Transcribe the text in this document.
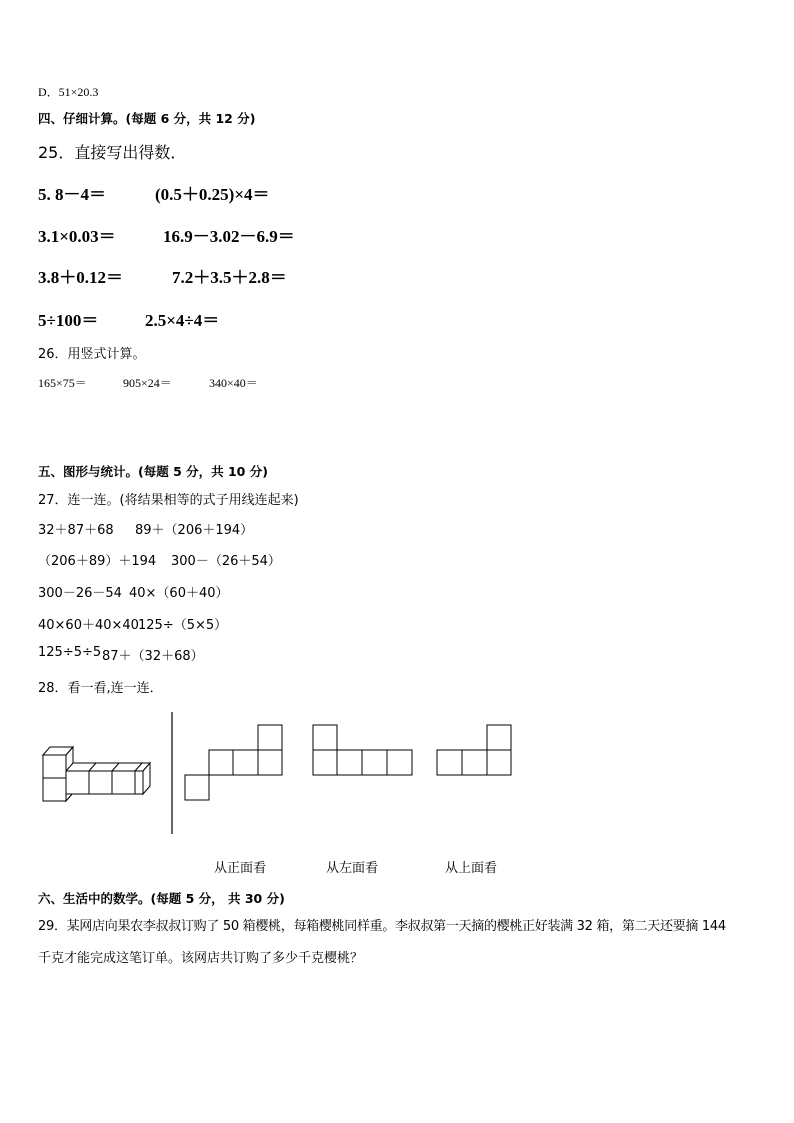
D．51×20.3

四、仔细计算。(每题 6 分，共 12 分)

25．直接写出得数．

5. 8－4＝	(0.5＋0.25)×4＝

3.1×0.03＝	16.9－3.02－6.9＝

3.8＋0.12＝	7.2＋3.5＋2.8＝

5÷100＝	2.5×4÷4＝

26．用竖式计算。

165×75＝	905×24＝	340×40＝

五、图形与统计。(每题 5 分，共 10 分)

27．连一连。(将结果相等的式子用线连起来)

32＋87＋68 89＋（206＋194）

（206＋89）＋194 300－（26＋54）

300－26－54 40×（60＋40）

40×60＋40×40 125÷（5×5）

125÷5÷5 87＋（32＋68）

28．看一看,连一连．

从正面看	从左面看	从上面看

六、生活中的数学。(每题 5 分， 共 30 分)

29．某网店向果农李叔叔订购了 50 箱樱桃，每箱樱桃同样重。李叔叔第一天摘的樱桃正好装满 32 箱，第二天还要摘 144

千克才能完成这笔订单。该网店共订购了多少千克樱桃？
